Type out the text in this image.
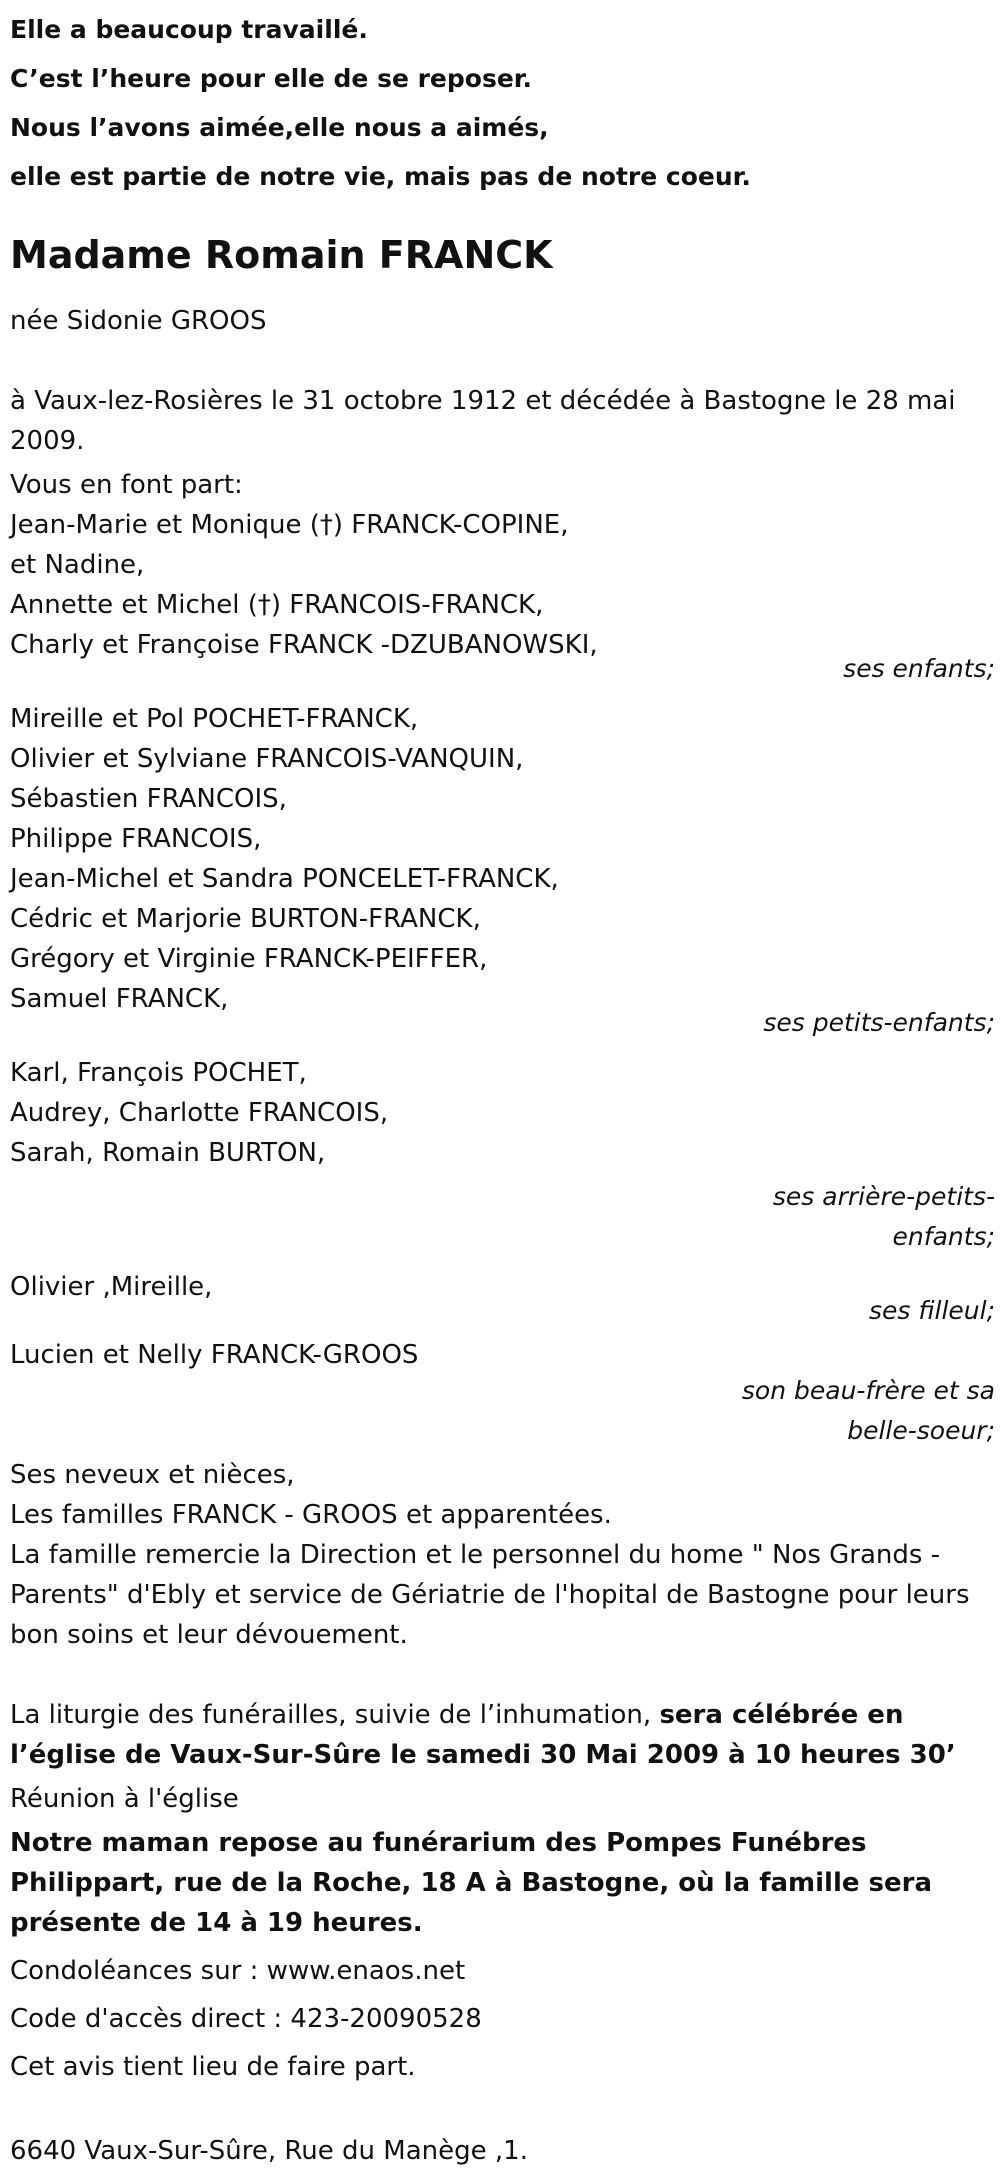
Elle a beaucoup travaillé.
C’est l’heure pour elle de se reposer.
Nous l’avons aimée,elle nous a aimés,
elle est partie de notre vie, mais pas de notre coeur.
Madame Romain FRANCK
née Sidonie GROOS
à Vaux-lez-Rosières le 31 octobre 1912 et décédée à Bastogne le 28 mai 2009.
Vous en font part:
Jean-Marie et Monique (†) FRANCK-COPINE,
et Nadine,
Annette et Michel (†) FRANCOIS-FRANCK,
Charly et Françoise FRANCK -DZUBANOWSKI,
ses enfants;
Mireille et Pol POCHET-FRANCK,
Olivier et Sylviane FRANCOIS-VANQUIN,
Sébastien FRANCOIS,
Philippe FRANCOIS,
Jean-Michel et Sandra PONCELET-FRANCK,
Cédric et Marjorie BURTON-FRANCK,
Grégory et Virginie FRANCK-PEIFFER,
Samuel FRANCK,
ses petits-enfants;
Karl, François POCHET,
Audrey, Charlotte FRANCOIS,
Sarah, Romain BURTON,
ses arrière-petits-enfants;
Olivier ,Mireille,
ses filleul;
Lucien et Nelly FRANCK-GROOS
son beau-frère et sa belle-soeur;
Ses neveux et nièces,
Les familles FRANCK - GROOS et apparentées.
La famille remercie la Direction et le personnel du home " Nos Grands - Parents" d'Ebly et service de Gériatrie de l'hopital de Bastogne pour leurs bon soins et leur dévouement.
La liturgie des funérailles, suivie de l’inhumation, sera célébrée en l’église de Vaux-Sur-Sûre le samedi 30 Mai 2009 à 10 heures 30’
Réunion à l'église
Notre maman repose au funérarium des Pompes Funébres Philippart, rue de la Roche, 18 A à Bastogne, où la famille sera présente de 14 à 19 heures.
Condoléances sur : www.enaos.net
Code d'accès direct : 423-20090528
Cet avis tient lieu de faire part.
6640 Vaux-Sur-Sûre, Rue du Manège ,1.
